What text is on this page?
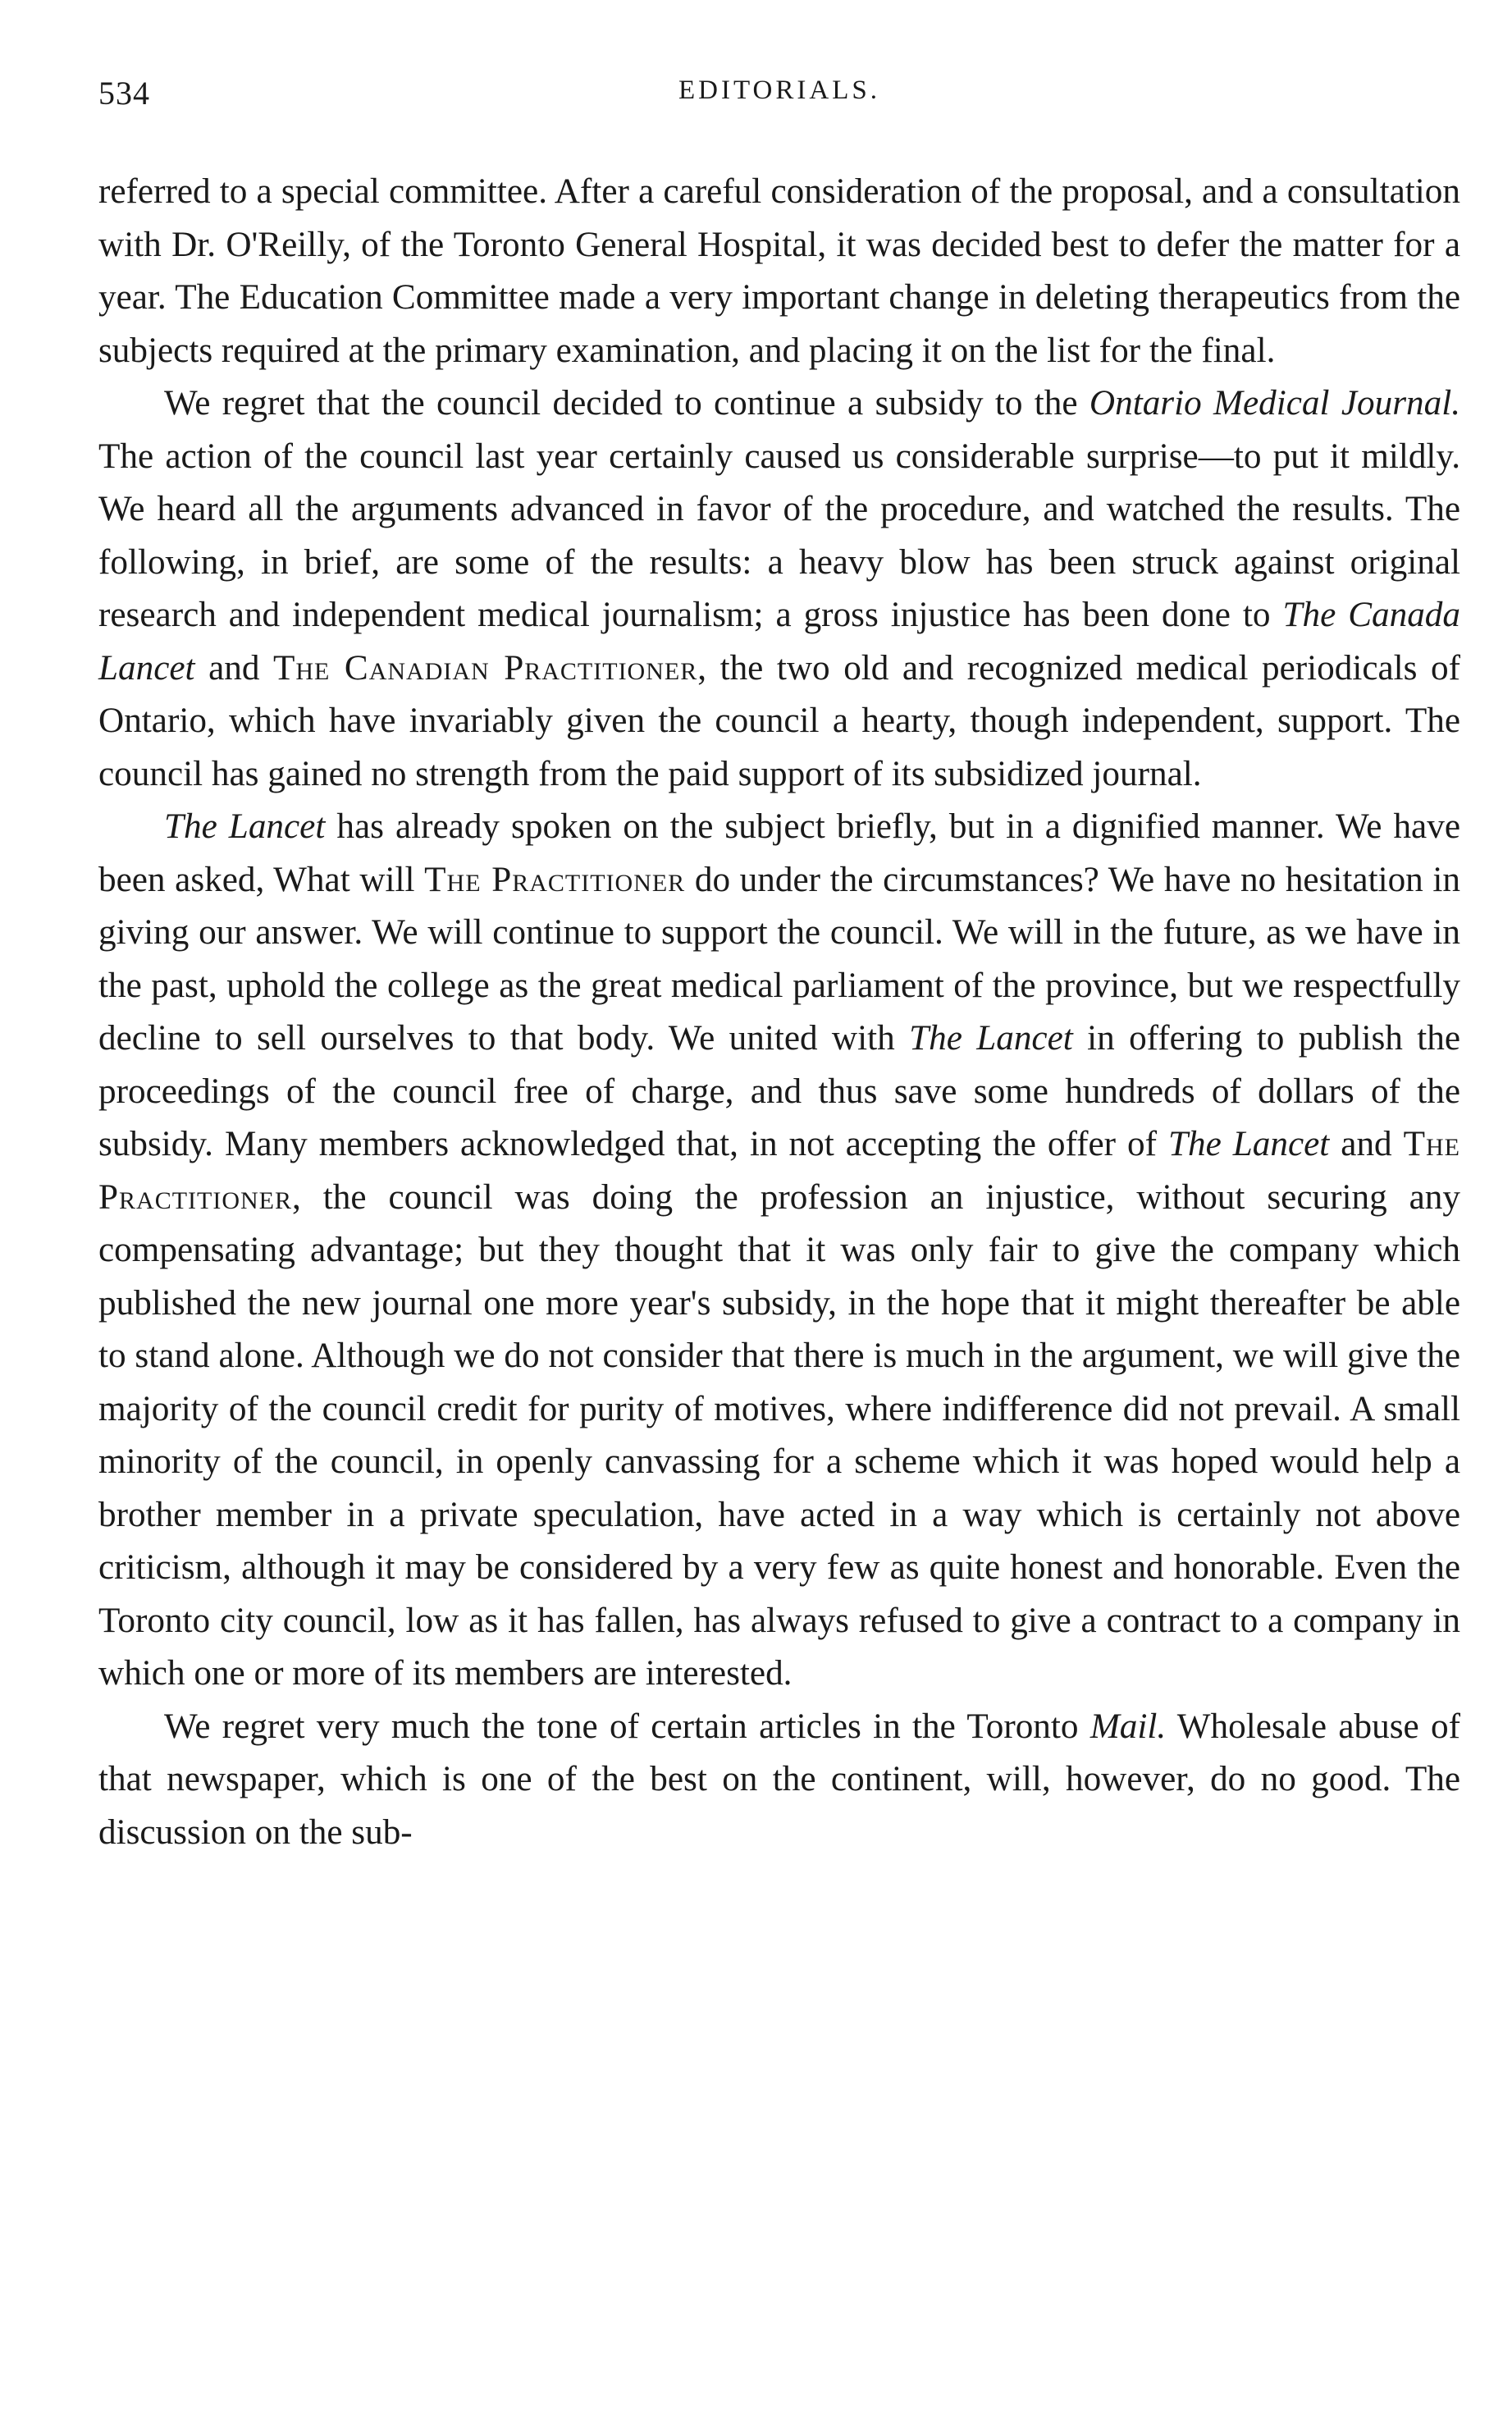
534	EDITORIALS.

referred to a special committee. After a careful consideration of the proposal, and a consultation with Dr. O'Reilly, of the Toronto General Hospital, it was decided best to defer the matter for a year. The Education Committee made a very important change in deleting therapeutics from the subjects required at the primary examination, and placing it on the list for the final.

We regret that the council decided to continue a subsidy to the Ontario Medical Journal. The action of the council last year certainly caused us considerable surprise—to put it mildly. We heard all the arguments advanced in favor of the procedure, and watched the results. The following, in brief, are some of the results: a heavy blow has been struck against original research and independent medical journalism; a gross injustice has been done to The Canada Lancet and The Canadian Practitioner, the two old and recognized medical periodicals of Ontario, which have invariably given the council a hearty, though independent, support. The council has gained no strength from the paid support of its subsidized journal.

The Lancet has already spoken on the subject briefly, but in a dignified manner. We have been asked, What will The Practitioner do under the circumstances? We have no hesitation in giving our answer. We will continue to support the council. We will in the future, as we have in the past, uphold the college as the great medical parliament of the province, but we respectfully decline to sell ourselves to that body. We united with The Lancet in offering to publish the proceedings of the council free of charge, and thus save some hundreds of dollars of the subsidy. Many members acknowledged that, in not accepting the offer of The Lancet and The Practitioner, the council was doing the profession an injustice, without securing any compensating advantage; but they thought that it was only fair to give the company which published the new journal one more year's subsidy, in the hope that it might thereafter be able to stand alone. Although we do not consider that there is much in the argument, we will give the majority of the council credit for purity of motives, where indifference did not prevail. A small minority of the council, in openly canvassing for a scheme which it was hoped would help a brother member in a private speculation, have acted in a way which is certainly not above criticism, although it may be considered by a very few as quite honest and honorable. Even the Toronto city council, low as it has fallen, has always refused to give a contract to a company in which one or more of its members are interested.

We regret very much the tone of certain articles in the Toronto Mail. Wholesale abuse of that newspaper, which is one of the best on the continent, will, however, do no good. The discussion on the sub-
